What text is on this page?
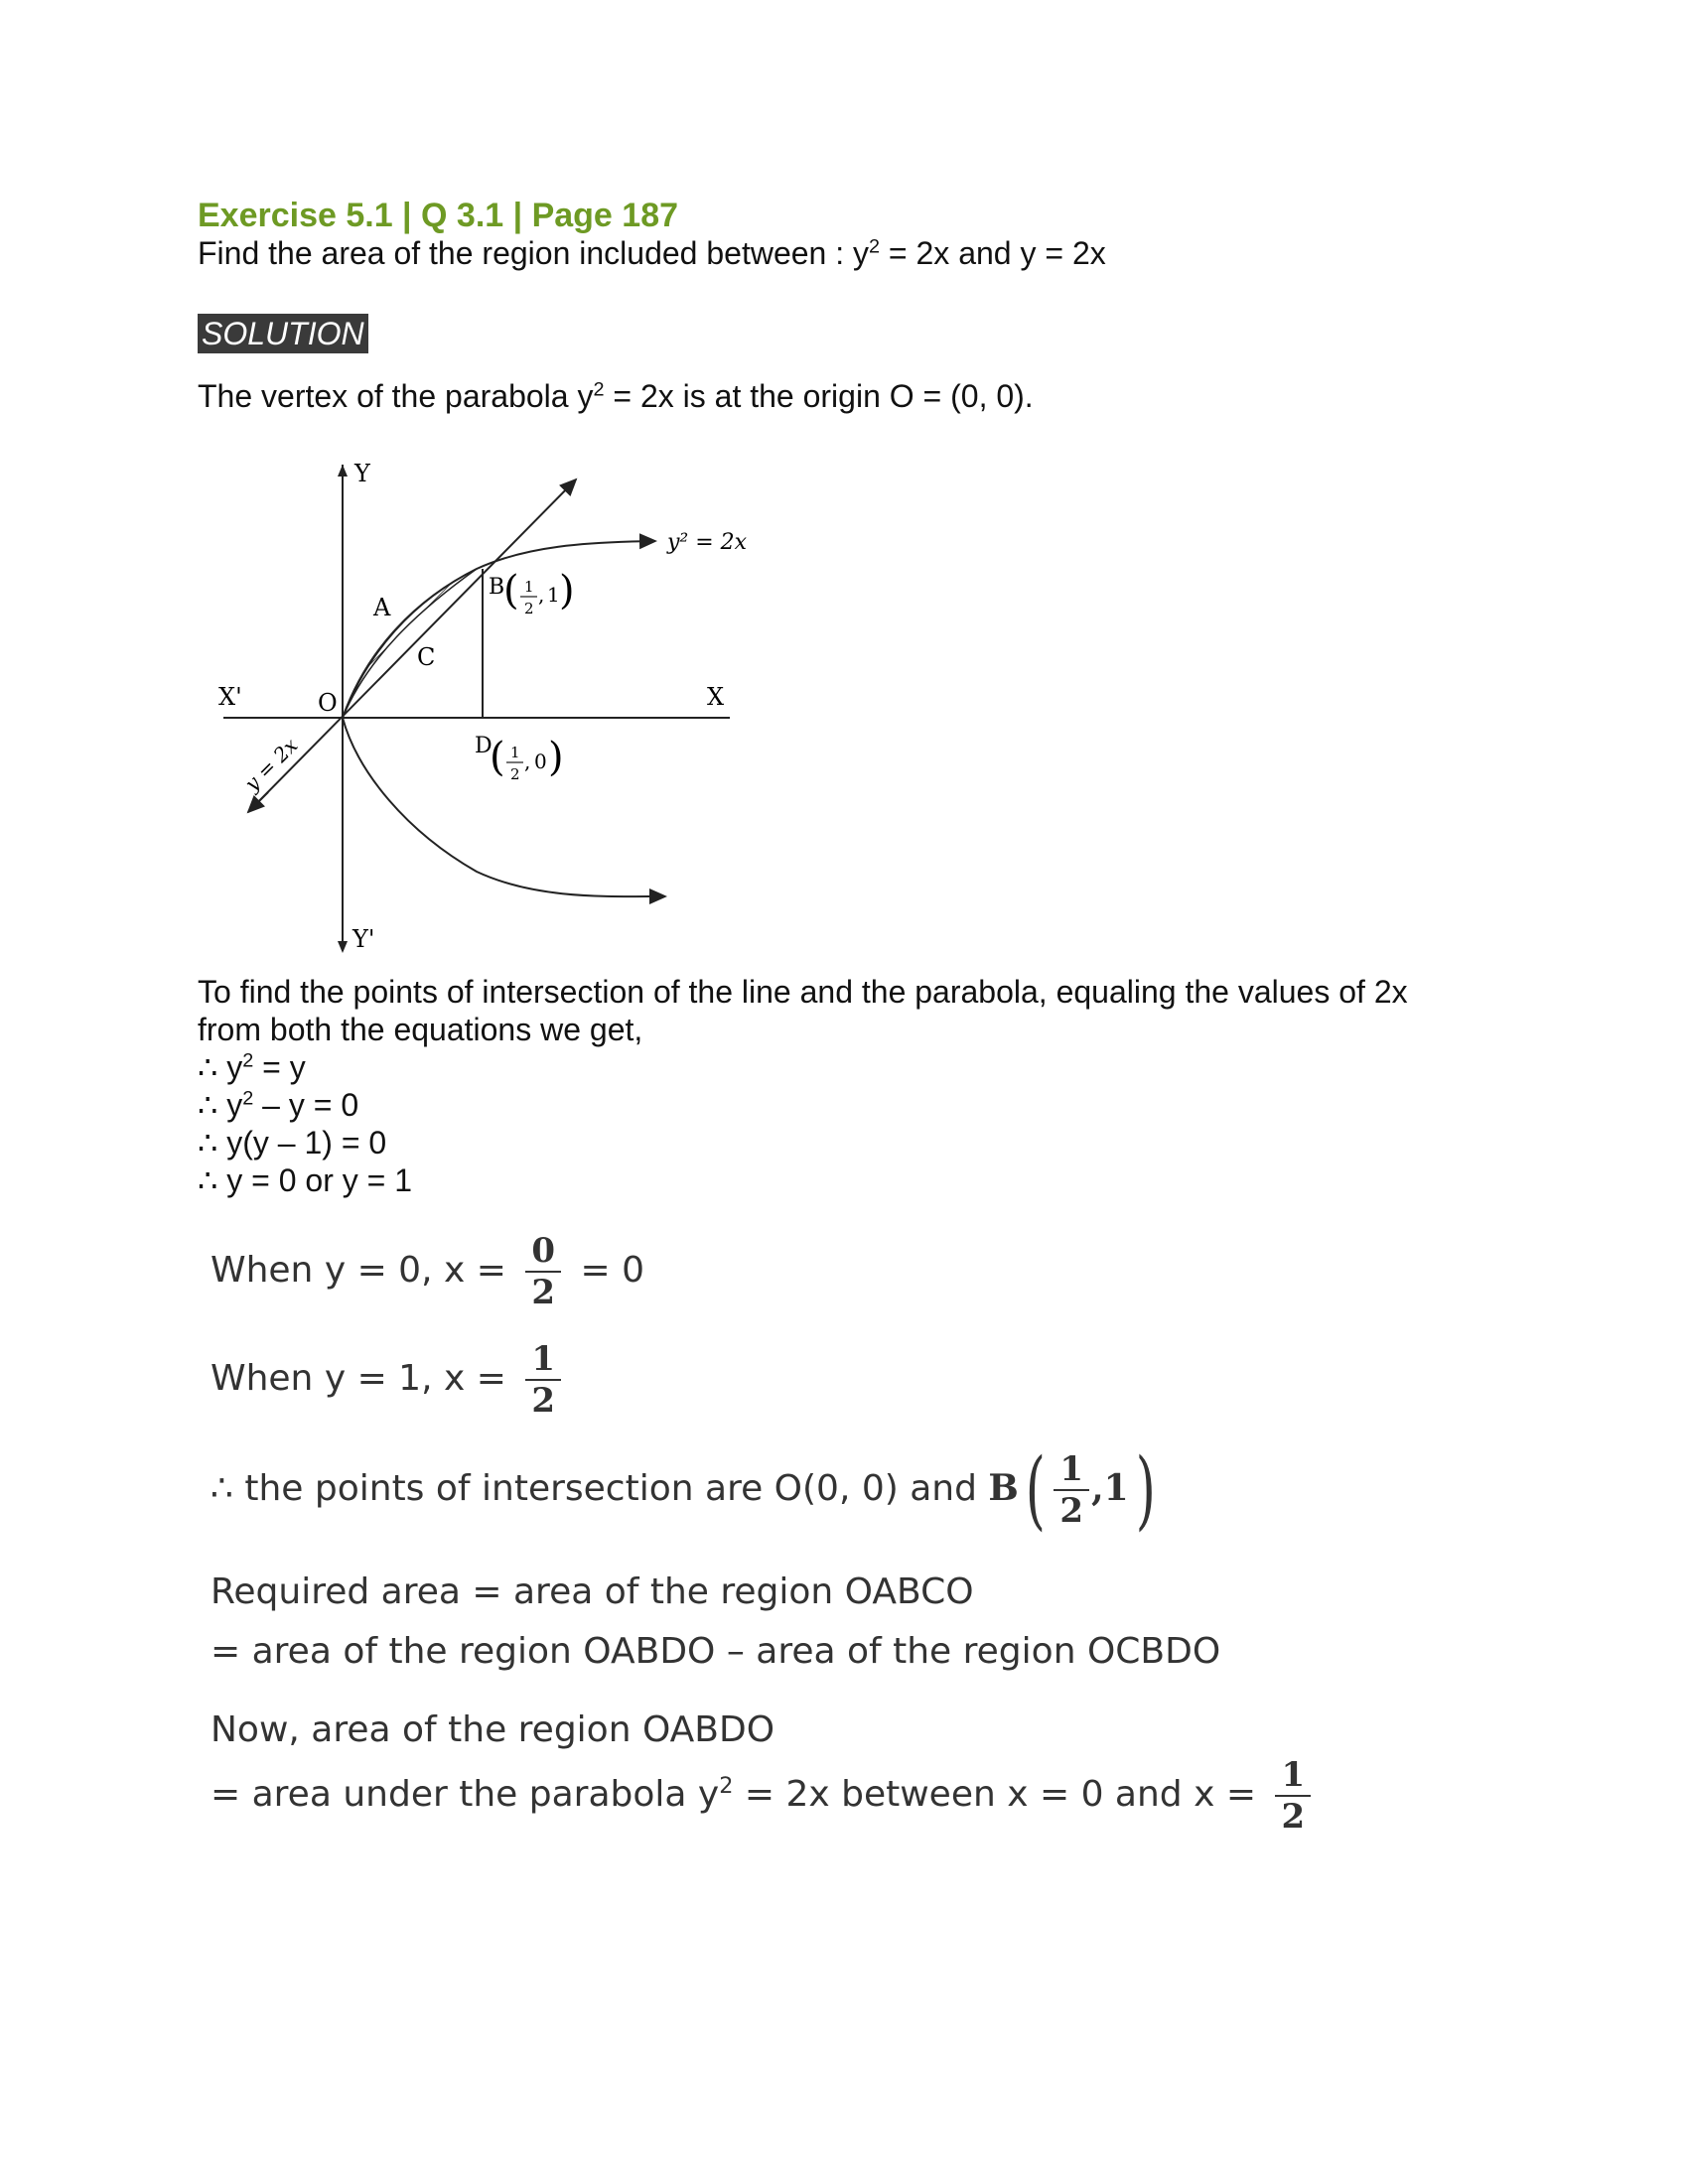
Exercise 5.1 | Q 3.1 | Page 187
Find the area of the region included between : $y^2 = 2x$ and y = 2x
SOLUTION
The vertex of the parabola $y^2 = 2x$ is at the origin O = (0, 0).
Y
Y'
X
X'	O
A
C
y² = 2x
y = 2x
B
( 1
2
, 1 )
D
( 1
2
, 0 )
To find the points of intersection of the line and the parabola, equaling the values of 2x
from both the equations we get,
∴ $y^2 = y$
∴ $y^2 - y = 0$
∴ y(y – 1) = 0
∴ y = 0 or y = 1
When y = 0, $x = \frac{0}{2} = 0$
When y = 1, $x = \frac{1}{2}$
∴ the points of intersection are O(0, 0) and $B( \frac{1}{2} ,1)$
Required area = area of the region OABCO
= area of the region OABDO – area of the region OCBDO
Now, area of the region OABDO
= area under the parabola $y^2 = 2x$ between x = 0 and $x = \frac{1}{2}$
